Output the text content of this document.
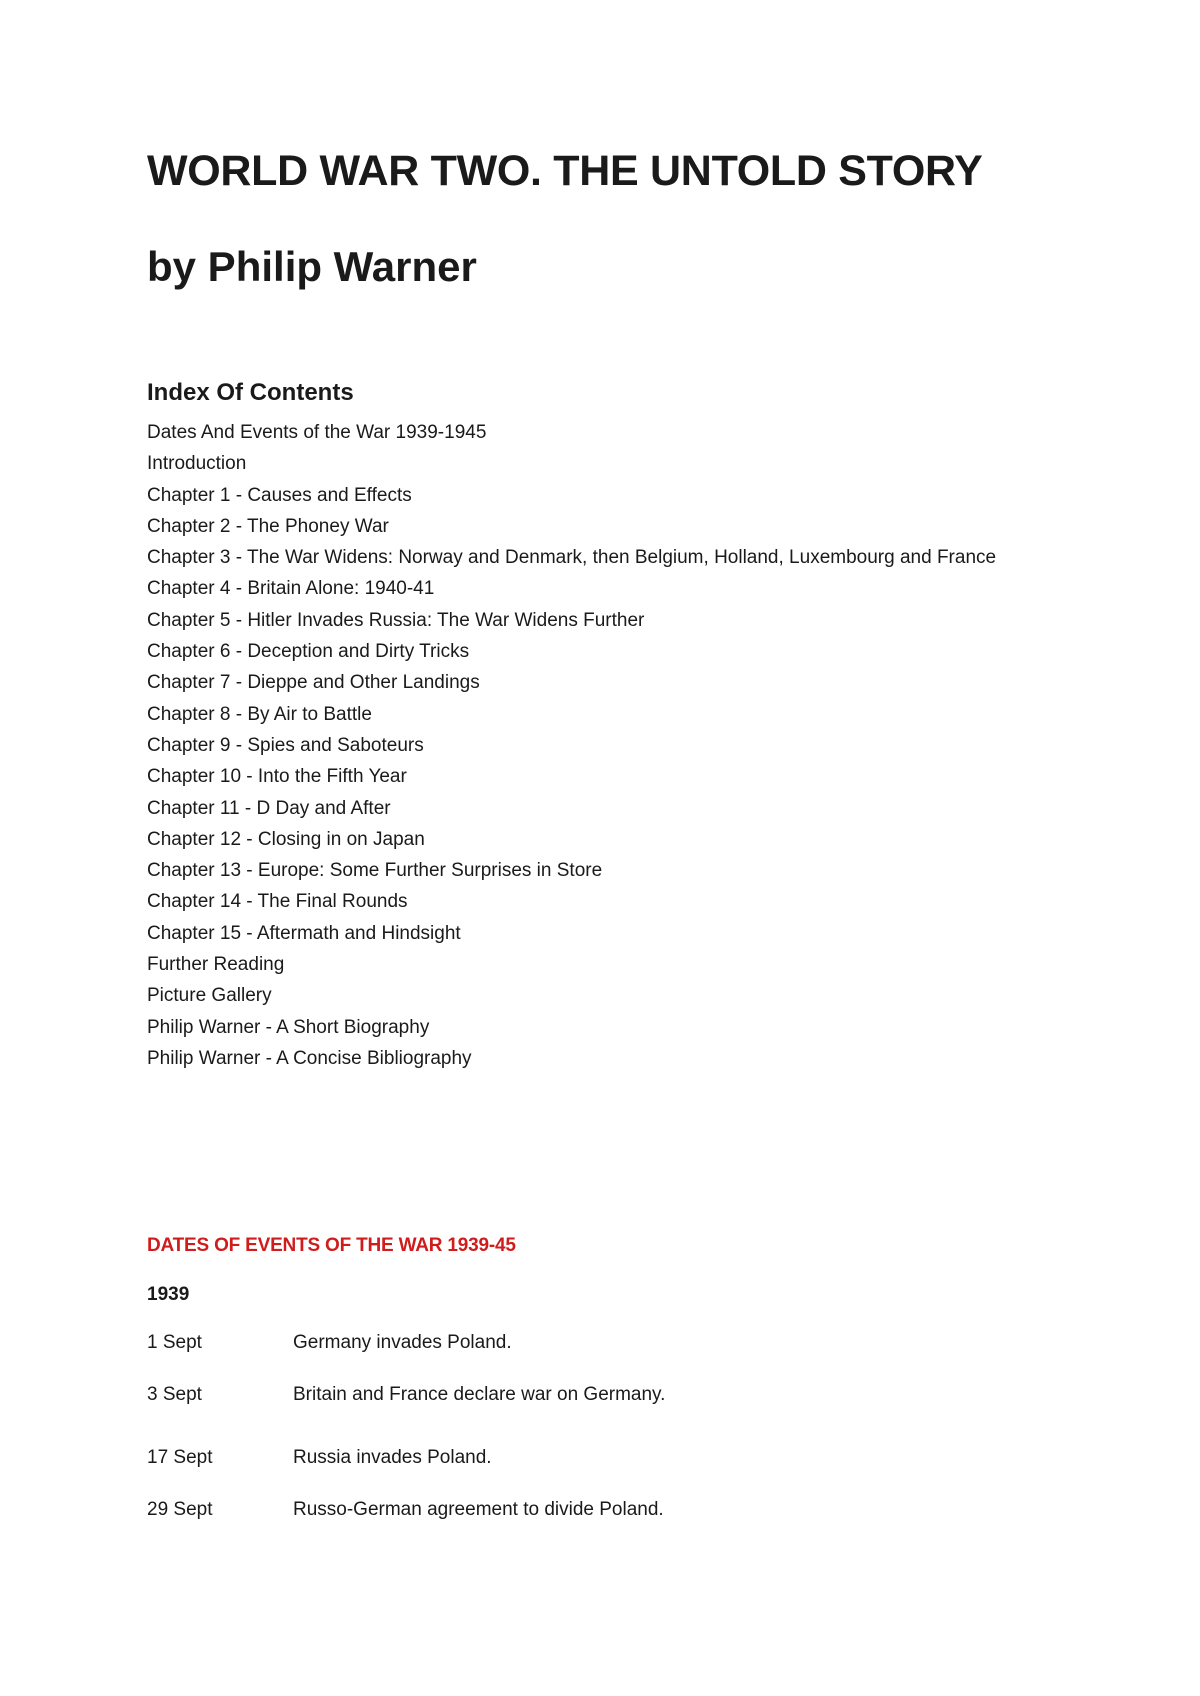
WORLD WAR TWO. THE UNTOLD STORY
by Philip Warner
Index Of Contents
Dates And Events of the War 1939-1945
Introduction
Chapter 1 - Causes and Effects
Chapter 2 - The Phoney War
Chapter 3 - The War Widens: Norway and Denmark, then Belgium, Holland, Luxembourg and France
Chapter 4 - Britain Alone: 1940-41
Chapter 5 - Hitler Invades Russia: The War Widens Further
Chapter 6 - Deception and Dirty Tricks
Chapter 7 - Dieppe and Other Landings
Chapter 8 - By Air to Battle
Chapter 9 - Spies and Saboteurs
Chapter 10 - Into the Fifth Year
Chapter 11 - D Day and After
Chapter 12 - Closing in on Japan
Chapter 13 - Europe: Some Further Surprises in Store
Chapter 14 - The Final Rounds
Chapter 15 - Aftermath and Hindsight
Further Reading
Picture Gallery
Philip Warner - A Short Biography
Philip Warner - A Concise Bibliography
DATES OF EVENTS OF THE WAR 1939-45
1939
1 Sept	Germany invades Poland.
3 Sept	Britain and France declare war on Germany.
17 Sept	Russia invades Poland.
29 Sept	Russo-German agreement to divide Poland.
